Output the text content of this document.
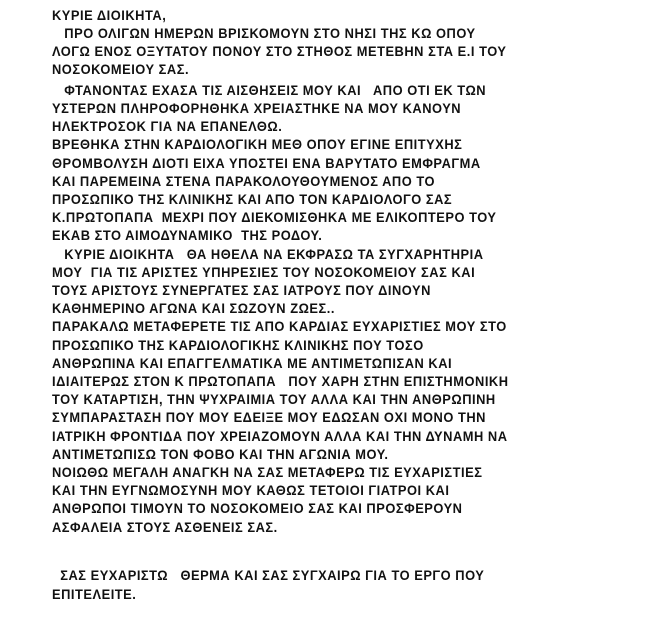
ΚΥΡΙΕ ΔΙΟΙΚΗΤΑ,
ΠΡΟ ΟΛΙΓΩΝ ΗΜΕΡΩΝ ΒΡΙΣΚΟΜΟΥΝ ΣΤΟ ΝΗΣΙ ΤΗΣ ΚΩ ΟΠΟΥ
ΛΟΓΩ ΕΝΟΣ ΟΞΥΤΑΤΟΥ ΠΟΝΟΥ ΣΤΟ ΣΤΗΘΟΣ ΜΕΤΕΒΗΝ ΣΤΑ Ε.Ι ΤΟΥ
ΝΟΣΟΚΟΜΕΙΟΥ ΣΑΣ.
ΦΤΑΝΟΝΤΑΣ ΕΧΑΣΑ ΤΙΣ ΑΙΣΘΗΣΕΙΣ ΜΟΥ ΚΑΙ   ΑΠΟ ΟΤΙ ΕΚ ΤΩΝ
ΥΣΤΕΡΩΝ ΠΛΗΡΟΦΟΡΗΘΗΚΑ ΧΡΕΙΑΣΤΗΚΕ ΝΑ ΜΟΥ ΚΑΝΟΥΝ
ΗΛΕΚΤΡΟΣΟΚ ΓΙΑ ΝΑ ΕΠΑΝΕΛΘΩ.
ΒΡΕΘΗΚΑ ΣΤΗΝ ΚΑΡΔΙΟΛΟΓΙΚΗ ΜΕΘ ΟΠΟΥ ΕΓΙΝΕ ΕΠΙΤΥΧΗΣ
ΘΡΟΜΒΟΛΥΣΗ ΔΙΟΤΙ ΕΙΧΑ ΥΠΟΣΤΕΙ ΕΝΑ ΒΑΡΥΤΑΤΟ ΕΜΦΡΑΓΜΑ
ΚΑΙ ΠΑΡΕΜΕΙΝΑ ΣΤΕΝΑ ΠΑΡΑΚΟΛΟΥΘΟΥΜΕΝΟΣ ΑΠΟ ΤΟ
ΠΡΟΣΩΠΙΚΟ ΤΗΣ ΚΛΙΝΙΚΗΣ ΚΑΙ ΑΠΟ ΤΟΝ ΚΑΡΔΙΟΛΟΓΟ ΣΑΣ
Κ.ΠΡΩΤΟΠΑΠΑ  ΜΕΧΡΙ ΠΟΥ ΔΙΕΚΟΜΙΣΘΗΚΑ ΜΕ ΕΛΙΚΟΠΤΕΡΟ ΤΟΥ
ΕΚΑΒ ΣΤΟ ΑΙΜΟΔΥΝΑΜΙΚΟ  ΤΗΣ ΡΟΔΟΥ.
ΚΥΡΙΕ ΔΙΟΙΚΗΤΑ   ΘΑ ΗΘΕΛΑ ΝΑ ΕΚΦΡΑΣΩ ΤΑ ΣΥΓΧΑΡΗΤΗΡΙΑ
ΜΟΥ  ΓΙΑ ΤΙΣ ΑΡΙΣΤΕΣ ΥΠΗΡΕΣΙΕΣ ΤΟΥ ΝΟΣΟΚΟΜΕΙΟΥ ΣΑΣ ΚΑΙ
ΤΟΥΣ ΑΡΙΣΤΟΥΣ ΣΥΝΕΡΓΑΤΕΣ ΣΑΣ ΙΑΤΡΟΥΣ ΠΟΥ ΔΙΝΟΥΝ
ΚΑΘΗΜΕΡΙΝΟ ΑΓΩΝΑ ΚΑΙ ΣΩΖΟΥΝ ΖΩΕΣ..
ΠΑΡΑΚΑΛΩ ΜΕΤΑΦΕΡΕΤΕ ΤΙΣ ΑΠΟ ΚΑΡΔΙΑΣ ΕΥΧΑΡΙΣΤΙΕΣ ΜΟΥ ΣΤΟ
ΠΡΟΣΩΠΙΚΟ ΤΗΣ ΚΑΡΔΙΟΛΟΓΙΚΗΣ ΚΛΙΝΙΚΗΣ ΠΟΥ ΤΟΣΟ
ΑΝΘΡΩΠΙΝΑ ΚΑΙ ΕΠΑΓΓΕΛΜΑΤΙΚΑ ΜΕ ΑΝΤΙΜΕΤΩΠΙΣΑΝ ΚΑΙ
ΙΔΙΑΙΤΕΡΩΣ ΣΤΟΝ Κ ΠΡΩΤΟΠΑΠΑ   ΠΟΥ ΧΑΡΗ ΣΤΗΝ ΕΠΙΣΤΗΜΟΝΙΚΗ
ΤΟΥ ΚΑΤΑΡΤΙΣΗ, ΤΗΝ ΨΥΧΡΑΙΜΙΑ ΤΟΥ ΑΛΛΑ ΚΑΙ ΤΗΝ ΑΝΘΡΩΠΙΝΗ
ΣΥΜΠΑΡΑΣΤΑΣΗ ΠΟΥ ΜΟΥ ΕΔΕΙΞΕ ΜΟΥ ΕΔΩΣΑΝ ΟΧΙ ΜΟΝΟ ΤΗΝ
ΙΑΤΡΙΚΗ ΦΡΟΝΤΙΔΑ ΠΟΥ ΧΡΕΙΑΖΟΜΟΥΝ ΑΛΛΑ ΚΑΙ ΤΗΝ ΔΥΝΑΜΗ ΝΑ
ΑΝΤΙΜΕΤΩΠΙΣΩ ΤΟΝ ΦΟΒΟ ΚΑΙ ΤΗΝ ΑΓΩΝΙΑ ΜΟΥ.
ΝΟΙΩΘΩ ΜΕΓΑΛΗ ΑΝΑΓΚΗ ΝΑ ΣΑΣ ΜΕΤΑΦΕΡΩ ΤΙΣ ΕΥΧΑΡΙΣΤΙΕΣ
ΚΑΙ ΤΗΝ ΕΥΓΝΩΜΟΣΥΝΗ ΜΟΥ ΚΑΘΩΣ ΤΕΤΟΙΟΙ ΓΙΑΤΡΟΙ ΚΑΙ
ΑΝΘΡΩΠΟΙ ΤΙΜΟΥΝ ΤΟ ΝΟΣΟΚΟΜΕΙΟ ΣΑΣ ΚΑΙ ΠΡΟΣΦΕΡΟΥΝ
ΑΣΦΑΛΕΙΑ ΣΤΟΥΣ ΑΣΘΕΝΕΙΣ ΣΑΣ.
ΣΑΣ ΕΥΧΑΡΙΣΤΩ   ΘΕΡΜΑ ΚΑΙ ΣΑΣ ΣΥΓΧΑΙΡΩ ΓΙΑ ΤΟ ΕΡΓΟ ΠΟΥ
ΕΠΙΤΕΛΕΙΤΕ.
